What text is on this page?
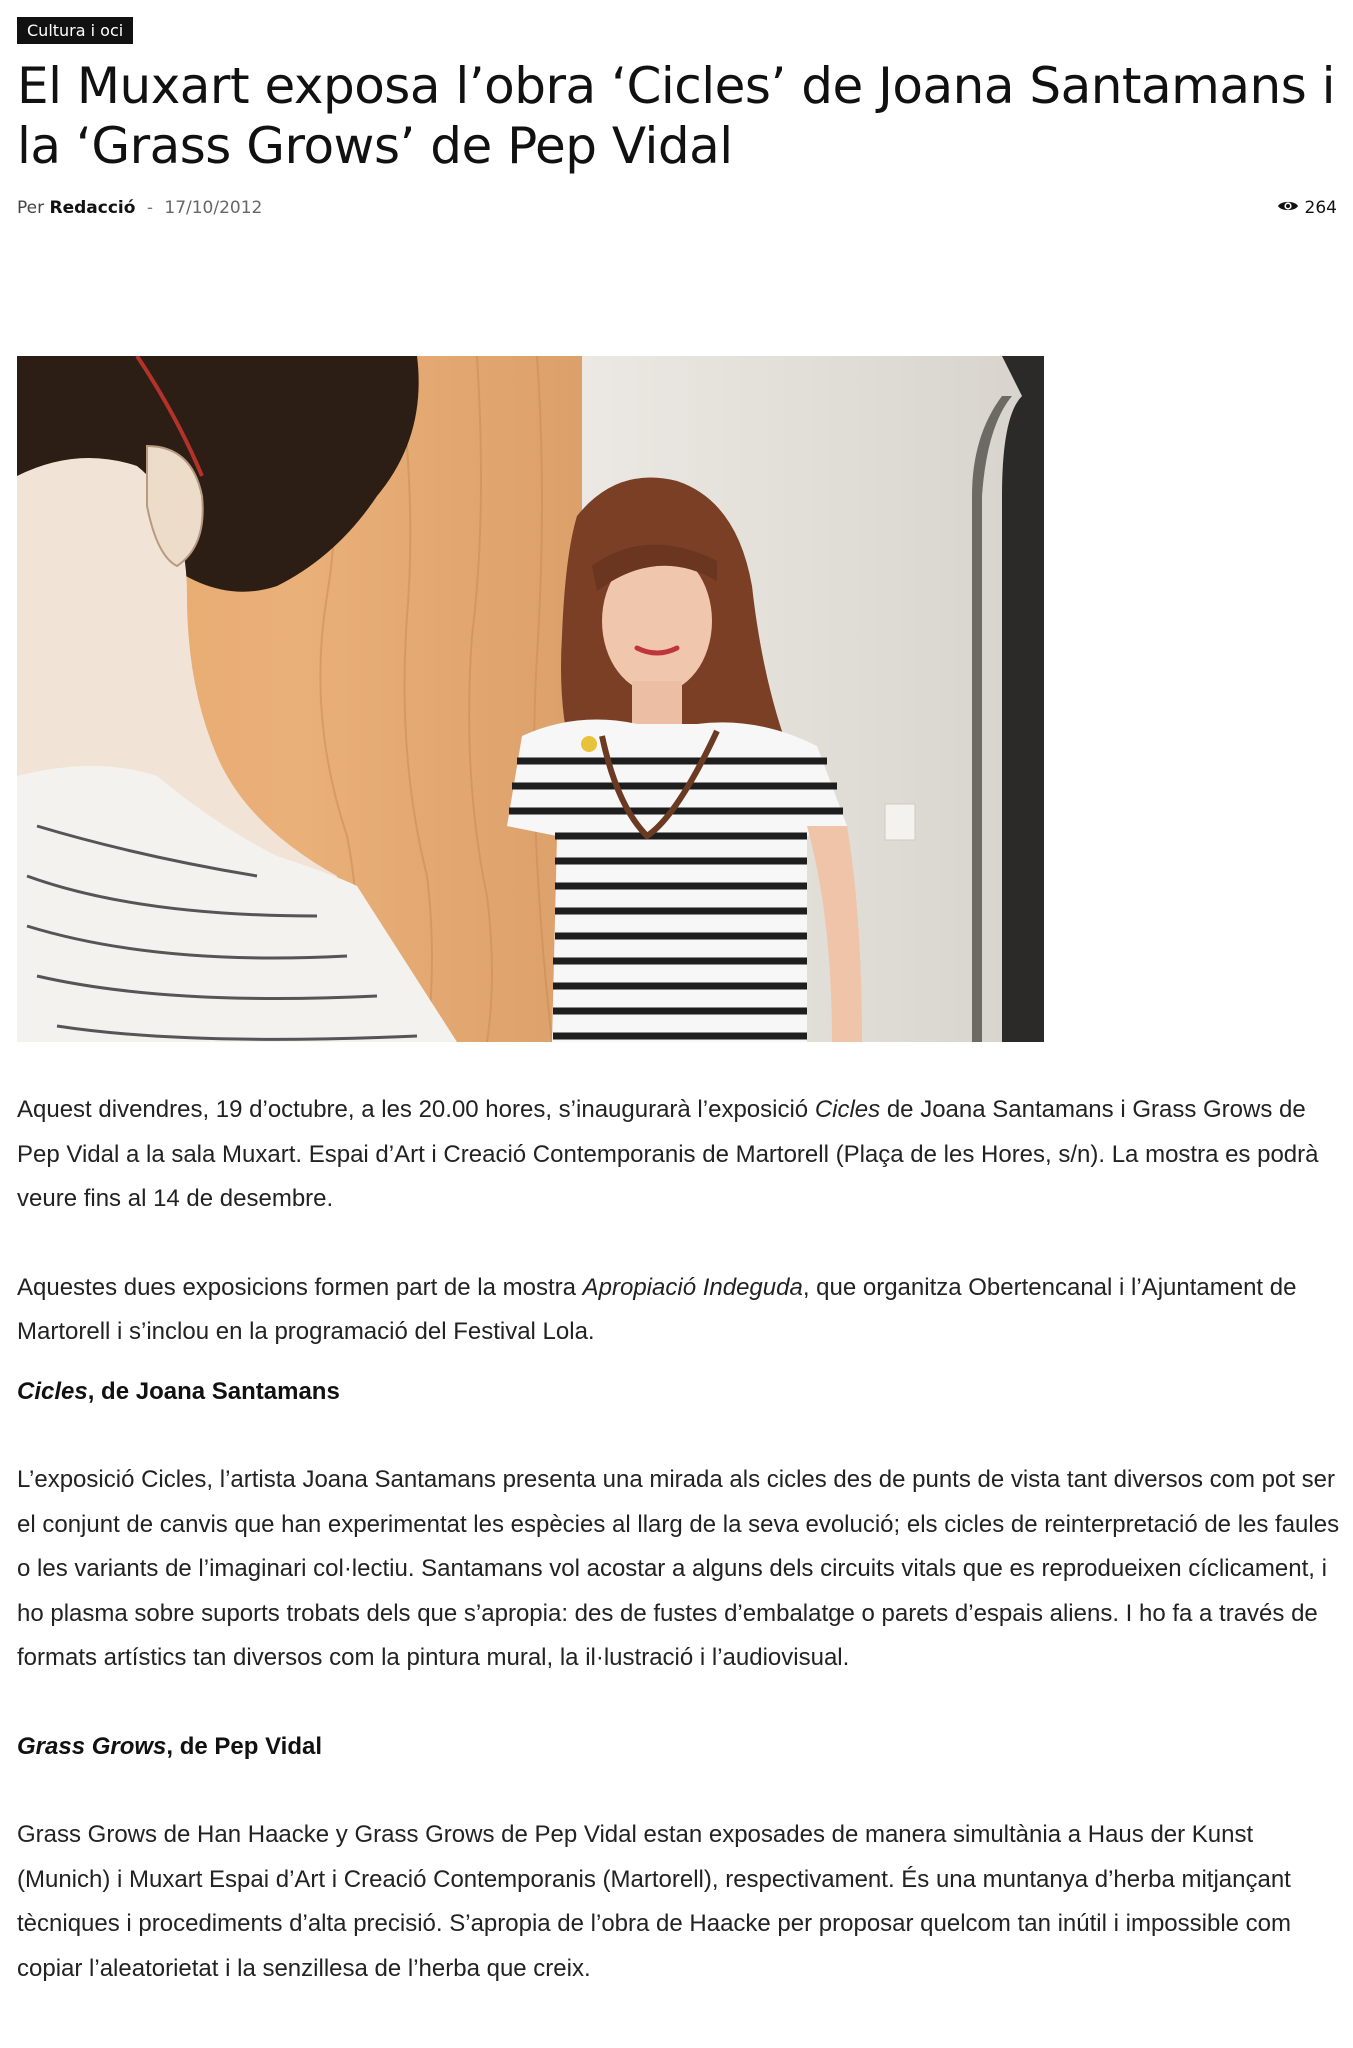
Cultura i oci
El Muxart exposa l’obra ‘Cicles’ de Joana Santamans i la ‘Grass Grows’ de Pep Vidal
Per Redacció - 17/10/2012	264

Aquest divendres, 19 d’octubre, a les 20.00 hores, s’inaugurarà l’exposició Cicles de Joana Santamans i Grass Grows de Pep Vidal a la sala Muxart. Espai d’Art i Creació Contemporanis de Martorell (Plaça de les Hores, s/n). La mostra es podrà veure fins al 14 de desembre.

Aquestes dues exposicions formen part de la mostra Apropiació Indeguda, que organitza Obertencanal i l’Ajuntament de Martorell i s’inclou en la programació del Festival Lola.

Cicles, de Joana Santamans

L’exposició Cicles, l’artista Joana Santamans presenta una mirada als cicles des de punts de vista tant diversos com pot ser el conjunt de canvis que han experimentat les espècies al llarg de la seva evolució; els cicles de reinterpretació de les faules o les variants de l’imaginari col·lectiu. Santamans vol acostar a alguns dels circuits vitals que es reprodueixen cíclicament, i ho plasma sobre suports trobats dels que s’apropia: des de fustes d’embalatge o parets d’espais aliens. I ho fa a través de formats artístics tan diversos com la pintura mural, la il·lustració i l’audiovisual.

Grass Grows, de Pep Vidal

Grass Grows de Han Haacke y Grass Grows de Pep Vidal estan exposades de manera simultània a Haus der Kunst (Munich) i Muxart Espai d’Art i Creació Contemporanis (Martorell), respectivament. És una muntanya d’herba mitjançant tècniques i procediments d’alta precisió. S’apropia de l’obra de Haacke per proposar quelcom tan inútil i impossible com copiar l’aleatorietat i la senzillesa de l’herba que creix.
